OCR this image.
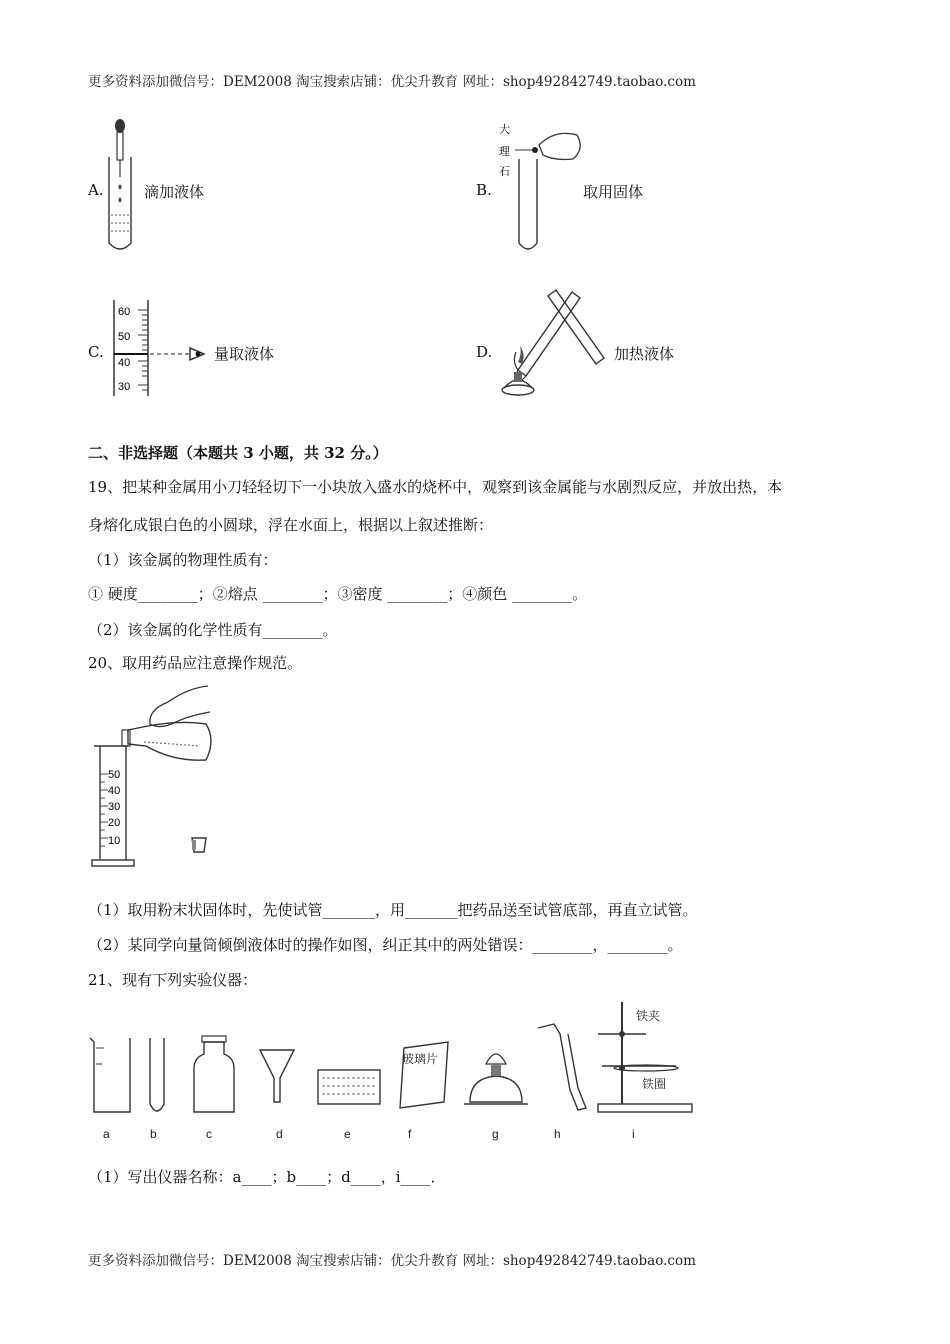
更多资料添加微信号：DEM2008 淘宝搜索店铺：优尖升教育 网址：shop492842749.taobao.com
A.	滴加液体	B.
大
理
石
取用固体
C.
60
50
40
30
量取液体	D.	加热液体
二、非选择题（本题共 3 小题，共 32 分。）
19、把某种金属用小刀轻轻切下一小块放入盛水的烧杯中，观察到该金属能与水剧烈反应，并放出热，本
身熔化成银白色的小圆球，浮在水面上，根据以上叙述推断：
（1）该金属的物理性质有：
① 硬度________；②熔点 ________；③密度 ________；④颜色 ________。
（2）该金属的化学性质有________。
20、取用药品应注意操作规范。
50
40
30
20
10
（1）取用粉末状固体时，先使试管_______，用_______把药品送至试管底部，再直立试管。
（2）某同学向量筒倾倒液体时的操作如图，纠正其中的两处错误：________，________。
21、现有下列实验仪器：
玻璃片
铁夹
铁圈
a	b	c	d	e	f	g	h	i
（1）写出仪器名称：a____；b____；d____，i____．
更多资料添加微信号：DEM2008 淘宝搜索店铺：优尖升教育 网址：shop492842749.taobao.com
